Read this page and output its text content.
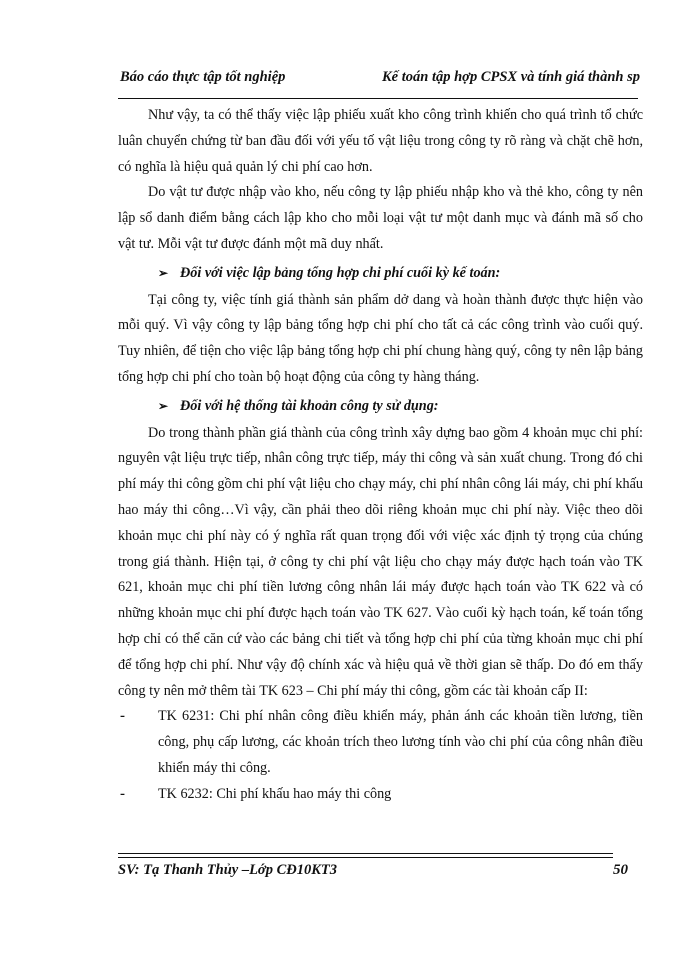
Báo cáo thực tập tốt nghiệp	Kế toán tập hợp CPSX và tính giá thành sp

Như vậy, ta có thể thấy việc lập phiếu xuất kho công trình khiến cho quá trình tổ chức luân chuyển chứng từ ban đầu đối với yếu tố vật liệu trong công ty rõ ràng và chặt chẽ hơn, có nghĩa là hiệu quả quản lý chi phí cao hơn.

Do vật tư được nhập vào kho, nếu công ty lập phiếu nhập kho và thẻ kho, công ty nên lập sổ danh điểm bằng cách lập kho cho mỗi loại vật tư một danh mục và đánh mã số cho vật tư. Mỗi vật tư được đánh một mã duy nhất.

➢ Đối với việc lập bảng tổng hợp chi phí cuối kỳ kế toán:

Tại công ty, việc tính giá thành sản phẩm dở dang và hoàn thành được thực hiện vào mỗi quý. Vì vậy công ty lập bảng tổng hợp chi phí cho tất cả các công trình vào cuối quý. Tuy nhiên, để tiện cho việc lập bảng tổng hợp chi phí chung hàng quý, công ty nên lập bảng tổng hợp chi phí cho toàn bộ hoạt động của công ty hàng tháng.

➢ Đối với hệ thống tài khoản công ty sử dụng:

Do trong thành phần giá thành của công trình xây dựng bao gồm 4 khoản mục chi phí: nguyên vật liệu trực tiếp, nhân công trực tiếp, máy thi công và sản xuất chung. Trong đó chi phí máy thi công gồm chi phí vật liệu cho chạy máy, chi phí nhân công lái máy, chi phí khấu hao máy thi công…Vì vậy, cần phải theo dõi riêng khoản mục chi phí này. Việc theo dõi khoản mục chi phí này có ý nghĩa rất quan trọng đối với việc xác định tỷ trọng của chúng trong giá thành. Hiện tại, ở công ty chi phí vật liệu cho chạy máy được hạch toán vào TK 621, khoản mục chi phí tiền lương công nhân lái máy được hạch toán vào TK 622 và có những khoản mục chi phí được hạch toán vào TK 627. Vào cuối kỳ hạch toán, kế toán tổng hợp chỉ có thể căn cứ vào các bảng chi tiết và tổng hợp chi phí của từng khoản mục chi phí để tổng hợp chi phí. Như vậy độ chính xác và hiệu quả về thời gian sẽ thấp. Do đó em thấy công ty nên mở thêm tài TK 623 – Chi phí máy thi công, gồm các tài khoản cấp II:

- TK 6231: Chi phí nhân công điều khiển máy, phản ánh các khoản tiền lương, tiền công, phụ cấp lương, các khoản trích theo lương tính vào chi phí của công nhân điều khiển máy thi công.

- TK 6232: Chi phí khấu hao máy thi công

SV: Tạ Thanh Thủy –Lớp CĐ10KT3	50
